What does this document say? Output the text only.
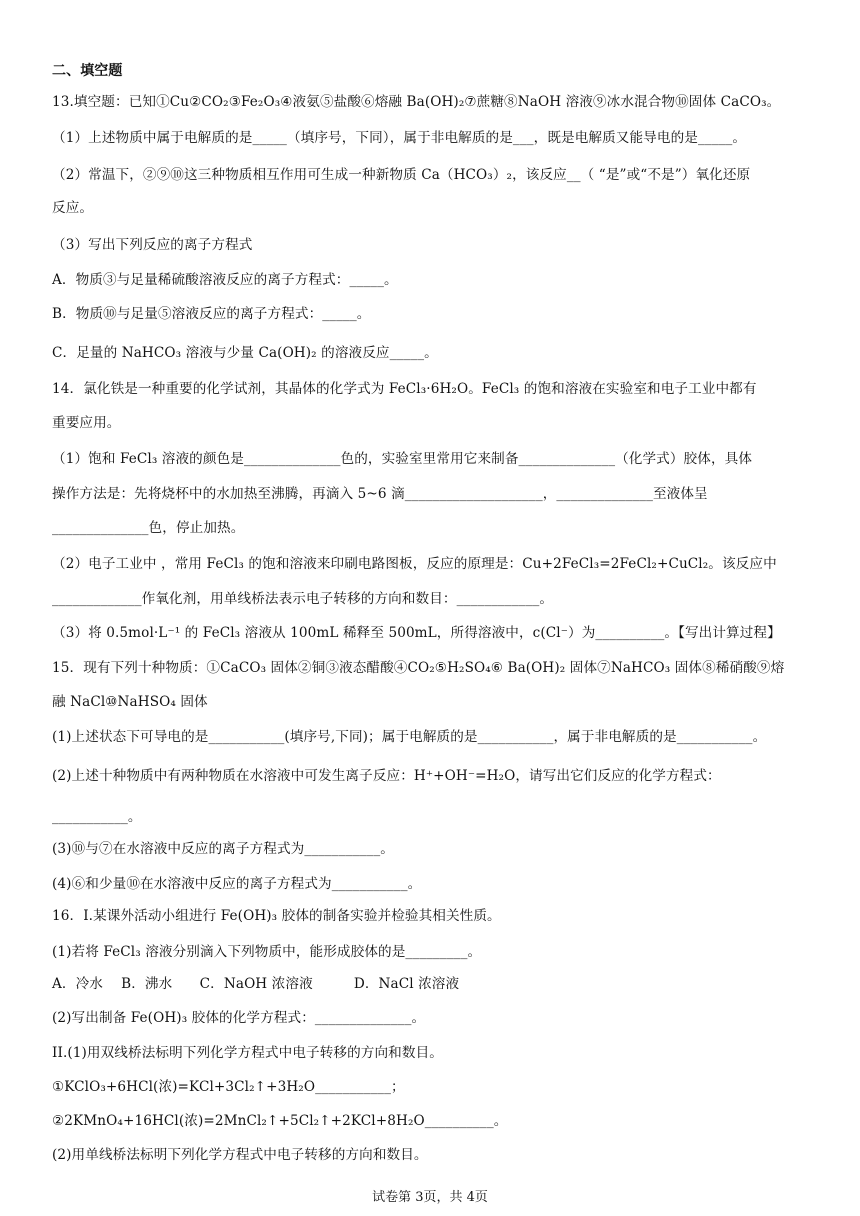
二、填空题
13.填空题：已知①Cu②CO₂③Fe₂O₃④液氨⑤盐酸⑥熔融 Ba(OH)₂⑦蔗糖⑧NaOH 溶液⑨冰水混合物⑩固体 CaCO₃。
（1）上述物质中属于电解质的是_____（填序号，下同），属于非电解质的是___，既是电解质又能导电的是_____。
（2）常温下，②⑨⑩这三种物质相互作用可生成一种新物质 Ca（HCO₃）₂，该反应__（ “是”或“不是”）氧化还原
反应。
（3）写出下列反应的离子方程式
A．物质③与足量稀硫酸溶液反应的离子方程式：_____。
B．物质⑩与足量⑤溶液反应的离子方程式：_____。
C．足量的 NaHCO₃ 溶液与少量 Ca(OH)₂ 的溶液反应_____。
14．氯化铁是一种重要的化学试剂，其晶体的化学式为 FeCl₃·6H₂O。FeCl₃ 的饱和溶液在实验室和电子工业中都有
重要应用。
（1）饱和 FeCl₃ 溶液的颜色是______________色的，实验室里常用它来制备______________（化学式）胶体，具体
操作方法是：先将烧杯中的水加热至沸腾，再滴入 5~6 滴____________________，______________至液体呈
______________色，停止加热。
（2）电子工业中 ，常用 FeCl₃ 的饱和溶液来印刷电路图板，反应的原理是：Cu+2FeCl₃=2FeCl₂+CuCl₂。该反应中
_____________作氧化剂，用单线桥法表示电子转移的方向和数目：____________。
（3）将 0.5mol·L⁻¹ 的 FeCl₃ 溶液从 100mL 稀释至 500mL，所得溶液中，c(Cl⁻）为__________。【写出计算过程】
15．现有下列十种物质：①CaCO₃ 固体②铜③液态醋酸④CO₂⑤H₂SO₄⑥ Ba(OH)₂ 固体⑦NaHCO₃ 固体⑧稀硝酸⑨熔
融 NaCl⑩NaHSO₄ 固体
(1)上述状态下可导电的是___________(填序号,下同)；属于电解质的是___________，属于非电解质的是___________。
(2)上述十种物质中有两种物质在水溶液中可发生离子反应：H⁺+OH⁻=H₂O，请写出它们反应的化学方程式：
___________。
(3)⑩与⑦在水溶液中反应的离子方程式为___________。
(4)⑥和少量⑩在水溶液中反应的离子方程式为___________。
16．I.某课外活动小组进行 Fe(OH)₃ 胶体的制备实验并检验其相关性质。
(1)若将 FeCl₃ 溶液分别滴入下列物质中，能形成胶体的是_________。
A．冷水　 B．沸水　　C．NaOH 浓溶液　　　D．NaCl 浓溶液
(2)写出制备 Fe(OH)₃ 胶体的化学方程式：______________。
II.(1)用双线桥法标明下列化学方程式中电子转移的方向和数目。
①KClO₃+6HCl(浓)=KCl+3Cl₂↑+3H₂O___________；
②2KMnO₄+16HCl(浓)=2MnCl₂↑+5Cl₂↑+2KCl+8H₂O__________。
(2)用单线桥法标明下列化学方程式中电子转移的方向和数目。
试卷第 3页，共 4页
